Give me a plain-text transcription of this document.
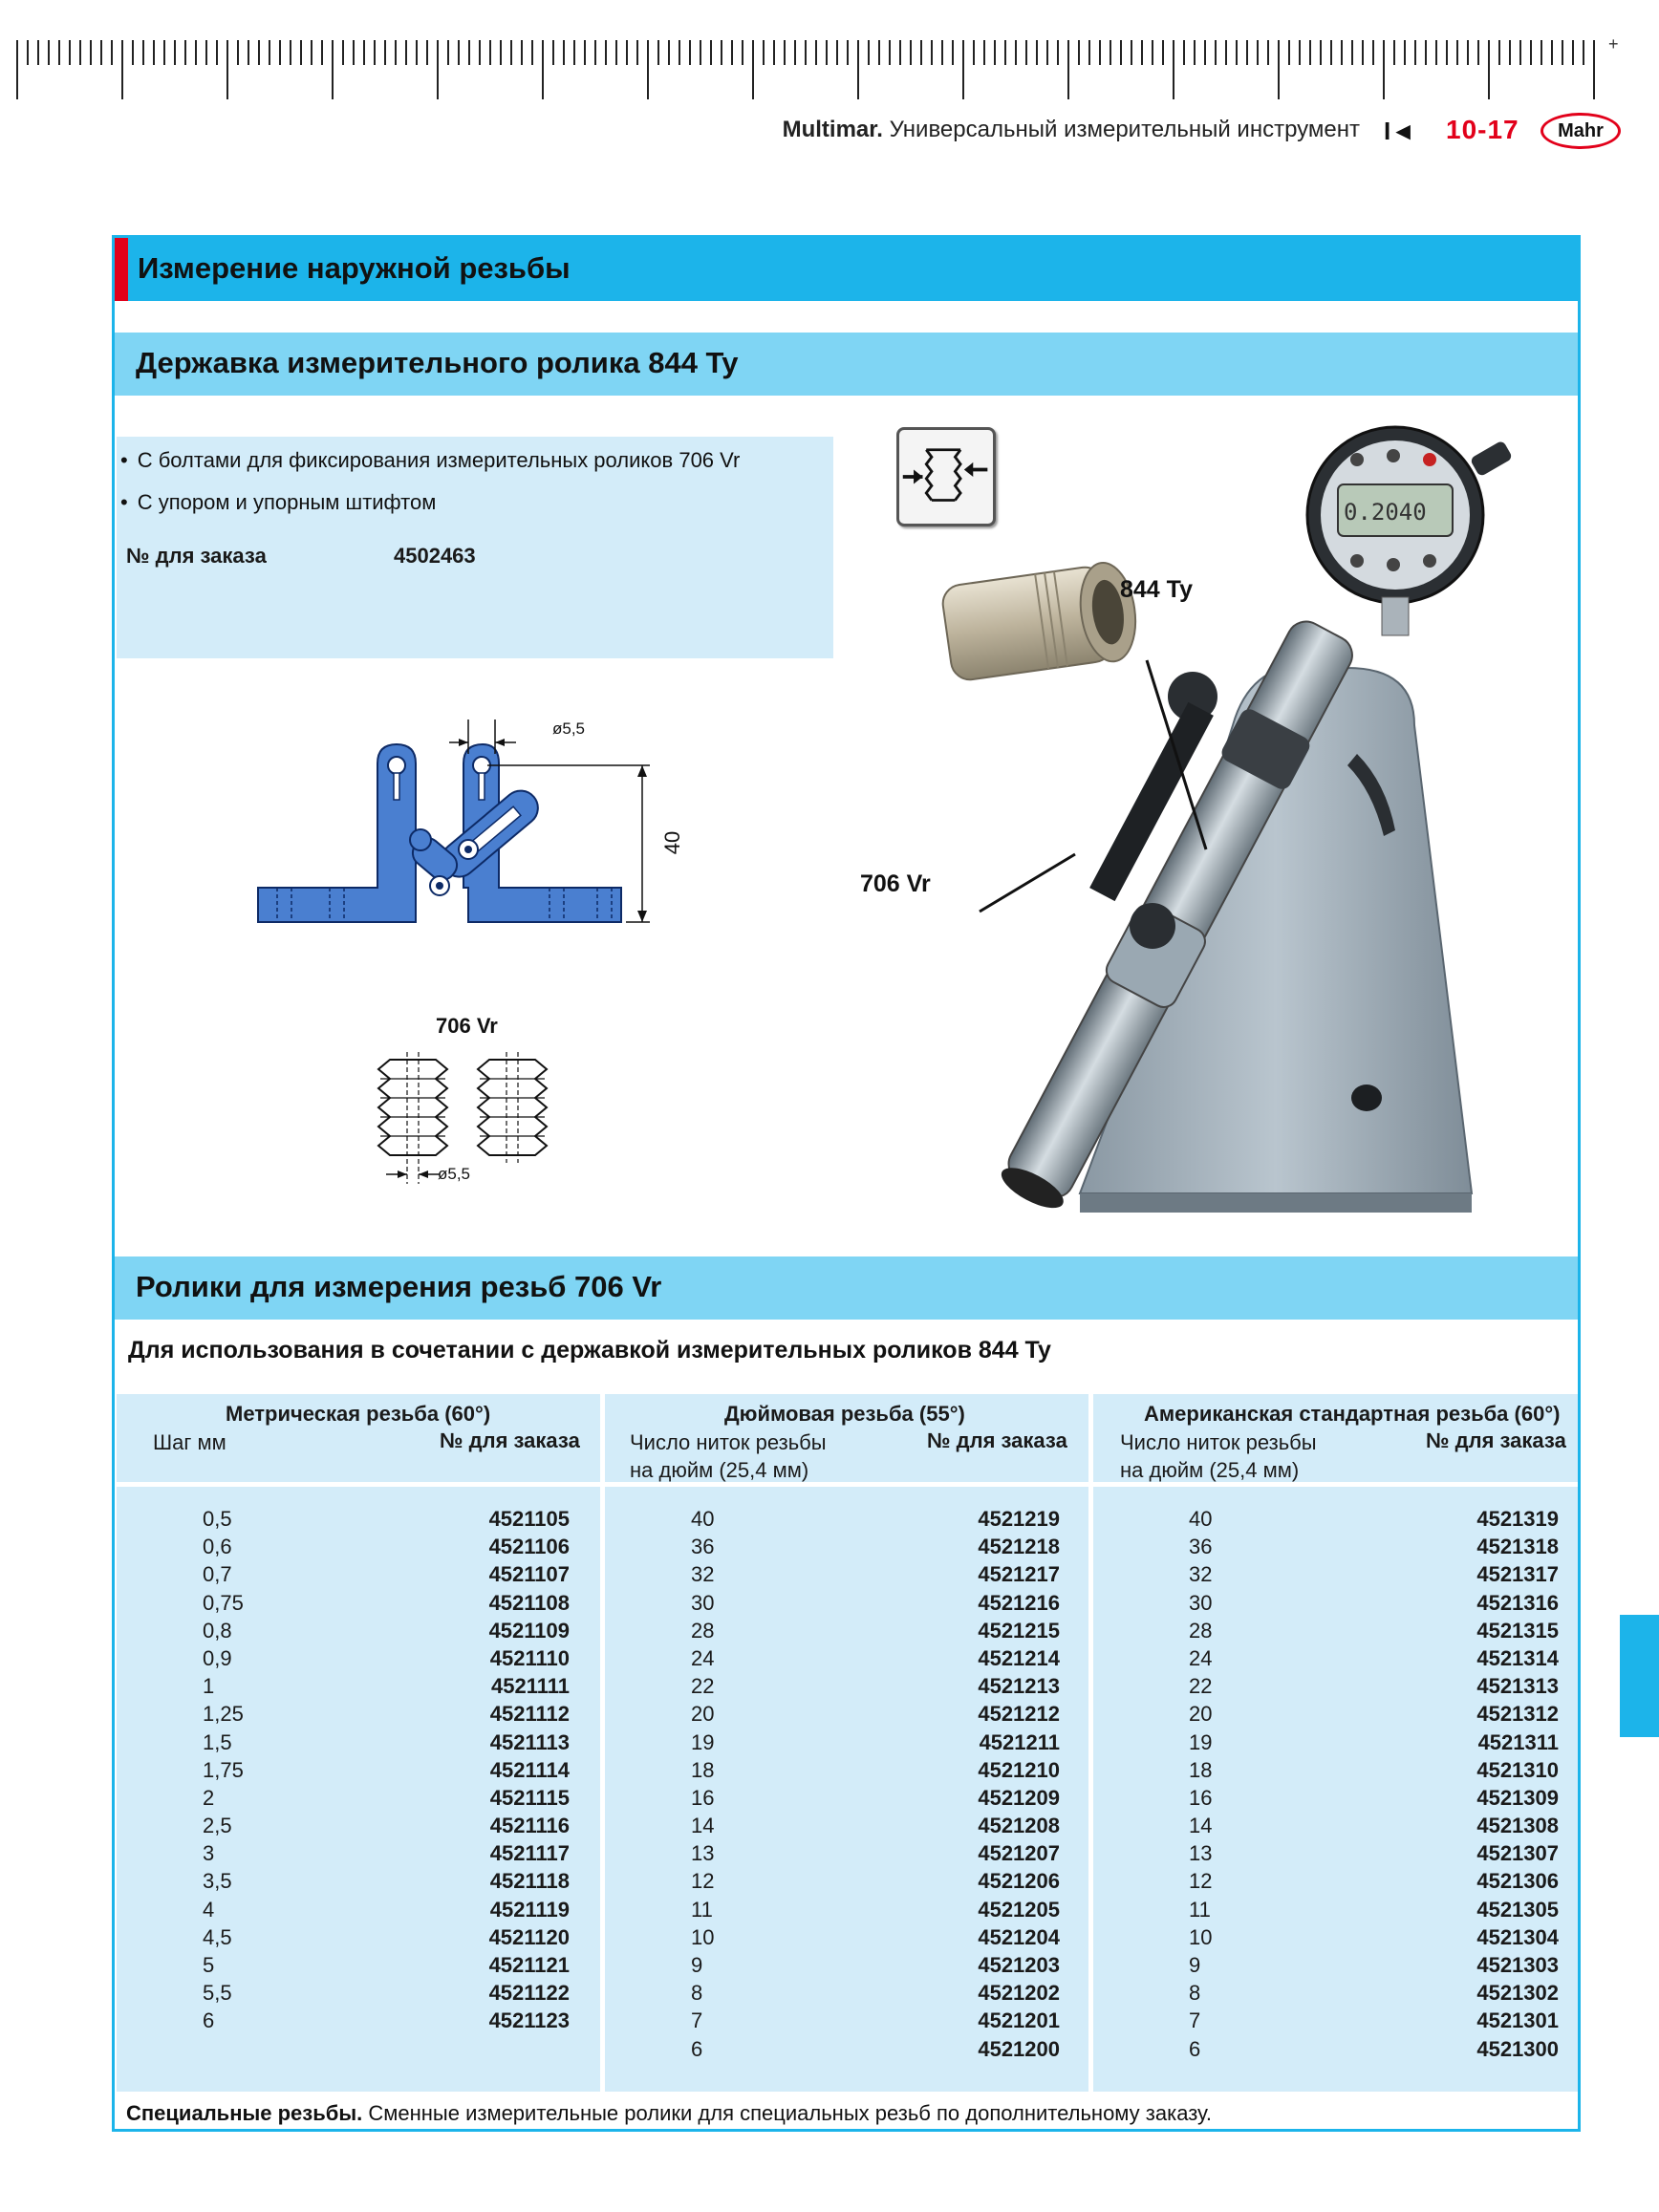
+
Multimar. Универсальный измерительный инструмент I◄ 10-17	Mahr
Измерение наружной резьбы
Державка измерительного ролика 844 Ty
• С болтами для фиксирования измерительных роликов 706 Vr
• С упором и упорным штифтом
№ для заказа	4502463
ø5,5
40
706 Vr
ø5,5
0.2040
844 Ty
706 Vr
Ролики для измерения резьб 706 Vr
Для использования в сочетании с державкой измерительных роликов 844 Ty
Метрическая резьба (60°)
Шаг мм	№ для заказа
0,5	4521105
0,6	4521106
0,7	4521107
0,75	4521108
0,8	4521109
0,9	4521110
1	4521111
1,25	4521112
1,5	4521113
1,75	4521114
2	4521115
2,5	4521116
3	4521117
3,5	4521118
4	4521119
4,5	4521120
5	4521121
5,5	4521122
6	4521123
Дюймовая резьба (55°)
Число ниток резьбы
на дюйм (25,4 мм)
№ для заказа
40	4521219
36	4521218
32	4521217
30	4521216
28	4521215
24	4521214
22	4521213
20	4521212
19	4521211
18	4521210
16	4521209
14	4521208
13	4521207
12	4521206
11	4521205
10	4521204
9	4521203
8	4521202
7	4521201
6	4521200
Американская стандартная резьба (60°)
Число ниток резьбы
на дюйм (25,4 мм)
№ для заказа
40	4521319
36	4521318
32	4521317
30	4521316
28	4521315
24	4521314
22	4521313
20	4521312
19	4521311
18	4521310
16	4521309
14	4521308
13	4521307
12	4521306
11	4521305
10	4521304
9	4521303
8	4521302
7	4521301
6	4521300
Специальные резьбы. Сменные измерительные ролики для специальных резьб по дополнительному заказу.
